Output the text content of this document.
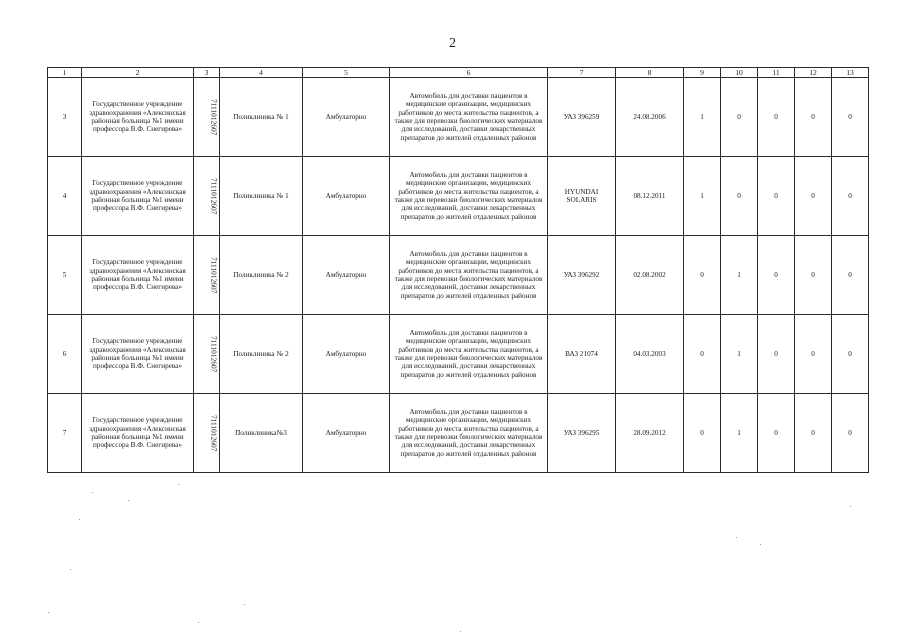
2
1	2	3	4	5	6	7	8	9	10	11	12	13
3	Государственное учреждение здравоохранения «Алексинская районная больница №1 имени профессора В.Ф. Снегирева»	7111012607	Поликлиника № 1	Амбулаторно	Автомобиль для доставки пациентов в медицинские организации, медицинских работников до места жительства пациентов, а также для перевозки биологических материалов для исследований, доставки лекарственных препаратов до жителей отдаленных районов	УАЗ 396259	24.08.2006	1	0	0	0	0
4	Государственное учреждение здравоохранения «Алексинская районная больница №1 имени профессора В.Ф. Снегирева»	7111012607	Поликлиника № 1	Амбулаторно	Автомобиль для доставки пациентов в медицинские организации, медицинских работников до места жительства пациентов, а также для перевозки биологических материалов для исследований, доставки лекарственных препаратов до жителей отдаленных районов	HYUNDAI SOLARIS	08.12.2011	1	0	0	0	0
5	Государственное учреждение здравоохранения «Алексинская районная больница №1 имени профессора В.Ф. Снегирева»	7111012607	Поликлиника № 2	Амбулаторно	Автомобиль для доставки пациентов в медицинские организации, медицинских работников до места жительства пациентов, а также для перевозки биологических материалов для исследований, доставки лекарственных препаратов до жителей отдаленных районов	УАЗ 396292	02.08.2002	0	1	0	0	0
6	Государственное учреждение здравоохранения «Алексинская районная больница №1 имени профессора В.Ф. Снегирева»	7111012607	Поликлиника № 2	Амбулаторно	Автомобиль для доставки пациентов в медицинские организации, медицинских работников до места жительства пациентов, а также для перевозки биологических материалов для исследований, доставки лекарственных препаратов до жителей отдаленных районов	ВАЗ 21074	04.03.2003	0	1	0	0	0
7	Государственное учреждение здравоохранения «Алексинская районная больница №1 имени профессора В.Ф. Снегирева»	7111012607	Поликлиника№3	Амбулаторно	Автомобиль для доставки пациентов в медицинские организации, медицинских работников до места жительства пациентов, а также для перевозки биологических материалов для исследований, доставки лекарственных препаратов до жителей отдаленных районов	УАЗ 396295	28.09.2012	0	1	0	0	0
